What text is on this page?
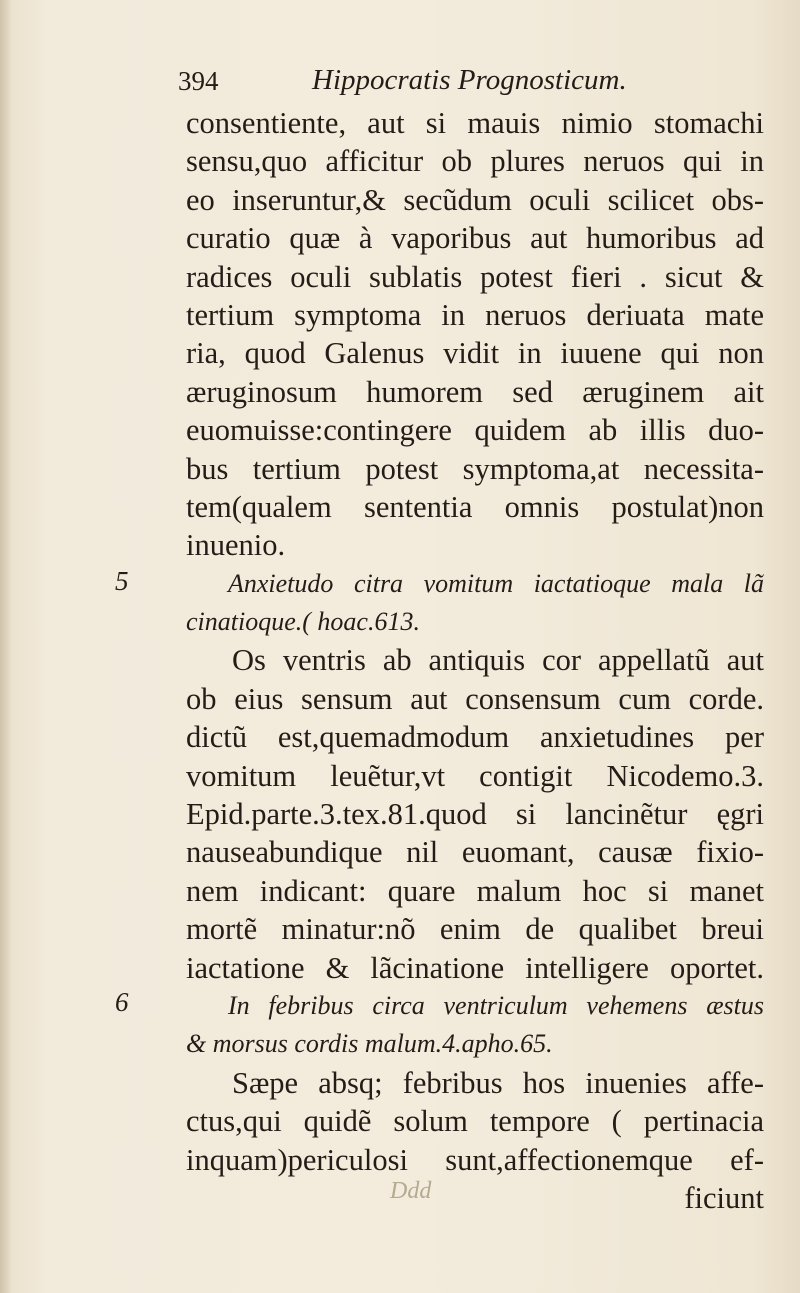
394	Hippocratis Prognosticum.
5
6
consentiente, aut si mauis nimio stomachi
sensu,quo afficitur ob plures neruos qui in
eo inseruntur,& secũdum oculi scilicet obs-
curatio quæ à vaporibus aut humoribus ad
radices oculi sublatis potest fieri . sicut &
tertium symptoma in neruos deriuata mate
ria, quod Galenus vidit in iuuene qui non
æruginosum humorem sed æruginem ait
euomuisse:contingere quidem ab illis duo-
bus tertium potest symptoma,at necessita-
tem(qualem sententia omnis postulat)non
inuenio.
Anxietudo citra vomitum iactatioque mala lã
cinatioque.( hoac.613.
Os ventris ab antiquis cor appellatũ aut
ob eius sensum aut consensum cum corde.
dictũ est,quemadmodum anxietudines per
vomitum leuẽtur,vt contigit Nicodemo.3.
Epid.parte.3.tex.81.quod si lancinẽtur ęgri
nauseabundique nil euomant, causæ fixio-
nem indicant: quare malum hoc si manet
mortẽ minatur:nõ enim de qualibet breui
iactatione & lãcinatione intelligere oportet.
In febribus circa ventriculum vehemens æstus
& morsus cordis malum.4.apho.65.
Sæpe absq; febribus hos inuenies affe-
ctus,qui quidẽ solum tempore ( pertinacia
inquam)periculosi sunt,affectionemque ef-
ficiunt
Ddd
